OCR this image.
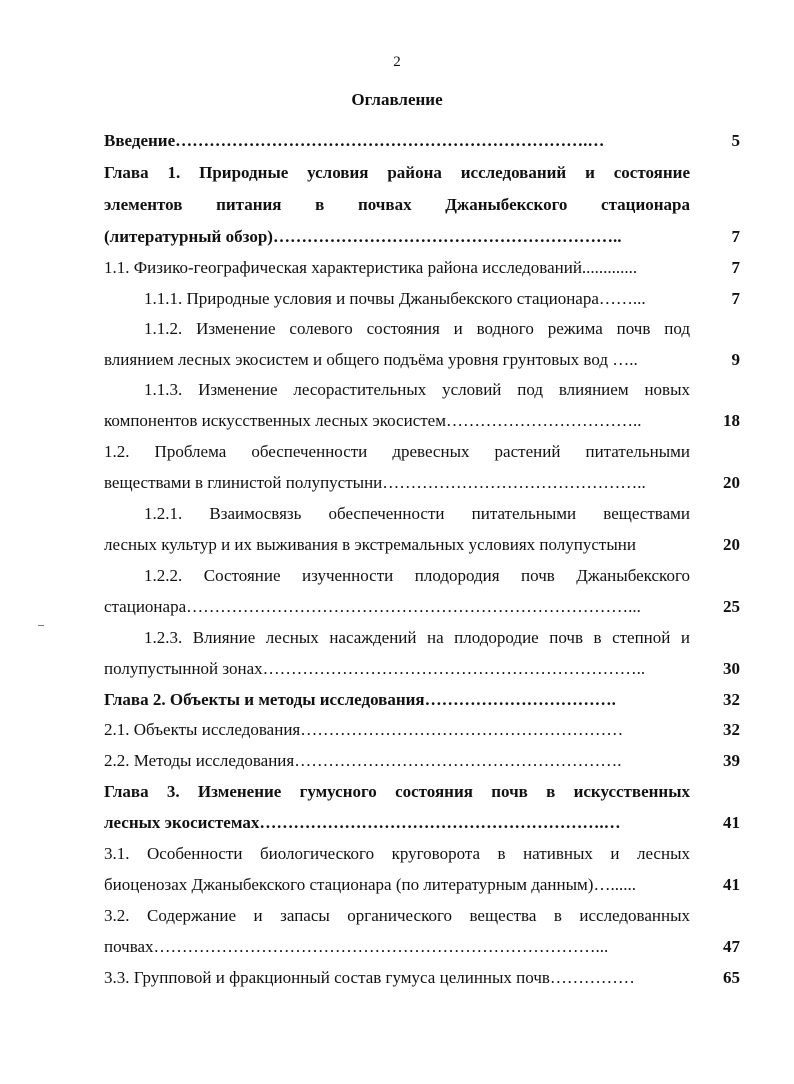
2
Оглавление
Введение……………………………………………………………….…	5
Глава 1. Природные условия района исследований и состояние
элементов питания в почвах Джаныбекского стационара
(литературный обзор)……………………………………………………..	7
1.1. Физико-географическая характеристика района исследований.............	7
1.1.1. Природные условия и почвы Джаныбекского стационара……...	7
1.1.2. Изменение солевого состояния и водного режима почв под
влиянием лесных экосистем и общего подъёма уровня грунтовых вод …..	9
1.1.3. Изменение лесорастительных условий под влиянием новых
компонентов искусственных лесных экосистем……………………………..	18
1.2. Проблема обеспеченности древесных растений питательными
веществами в глинистой полупустыни………………………………………..	20
1.2.1. Взаимосвязь обеспеченности питательными веществами
лесных культур и их выживания в экстремальных условиях полупустыни	20
1.2.2. Состояние изученности плодородия почв Джаныбекского
стационара……………………………………………………………………...	25
1.2.3. Влияние лесных насаждений на плодородие почв в степной и
полупустынной зонах…………………………………………………………..	30
Глава 2. Объекты и методы исследования…………………………….	32
2.1. Объекты исследования…………………………………………………	32
2.2. Методы исследования………………………………………………….	39
Глава 3. Изменение гумусного состояния почв в искусственных
лесных экосистемах…………………………………………………….…	41
3.1. Особенности биологического круговорота в нативных и лесных
биоценозах Джаныбекского стационара (по литературным данным)…......	41
3.2. Содержание и запасы органического вещества в исследованных
почвах……………………………………………………………………...	47
3.3. Групповой и фракционный состав гумуса целинных почв……………	65
